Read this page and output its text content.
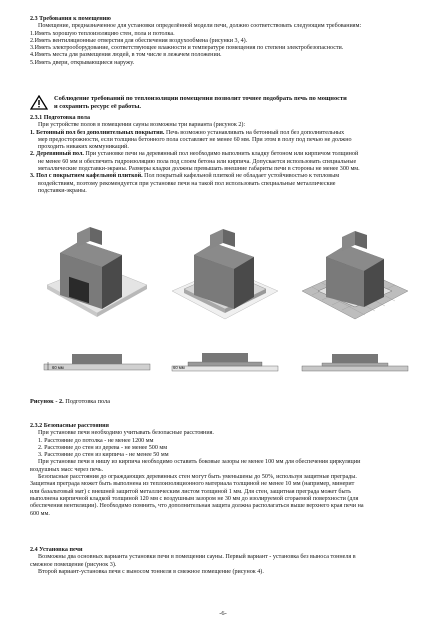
2.3 Требования к помещению
Помещение, предназначенное для установки определённой модели печи, должно соответствовать следующим требованиям:
1.Иметь хорошую теплоизоляцию стен, пола и потолка.
2.Иметь вентиляционные отверстия для обеспечения воздухообмена (рисунки 3, 4).
3.Иметь электрооборудование, соответствующее влажности и температуре помещения по степени электробезопасности.
4.Иметь места для размещения людей, в том числе в лежачем положении.
5.Иметь двери, открывающиеся наружу.
Соблюдение требований по теплоизоляции помещения позволит точнее подобрать печь по мощности
и сохранить ресурс её работы.
2.3.1 Подготовка пола
При устройстве полов в помещении сауны возможны три варианта (рисунок 2):
1. Бетонный пол без дополнительных покрытия. Печь возможно устанавливать на бетонный пол без дополнительных
мер предосторожности, если толщина бетонного пола составляет не менее 60 мм. При этом в полу под печью не должно
проходить никаких коммуникаций.
2. Деревянный пол. При установке печи на деревянный пол необходимо выполнить кладку бетоном или кирпичом толщиной
не менее 60 мм и обеспечить гидроизоляцию пола под слоем бетона или кирпича. Допускается использовать специальные
металлические подставки-экраны. Размеры кладки должны превышать внешние габариты печи в стороны не менее 300 мм.
3. Пол с покрытием кафельной плиткой. Пол покрытый кафельной плиткой не обладает устойчивостью к тепловым
воздействиям, поэтому рекомендуется при установке печи на такой пол использовать специальные металлические
подставки-экраны.
60 мм	60 мм
Рисунок - 2. Подготовка пола
2.3.2 Безопасные расстояния
При установке печи необходимо учитывать безопасные расстояния.
1. Расстояние до потолка - не менее 1200 мм
2. Расстояние до стен из дерева - не менее 500 мм
3. Расстояние до стен из кирпича - не менее 50 мм
При установке печи в нишу из кирпича необходимо оставить боковые зазоры не менее 100 мм для обеспечения циркуляции
воздушных масс через печь.
Безопасные расстояния до ограждающих деревянных стен могут быть уменьшены до 50%, используя защитные преграды.
Защитная преграда может быть выполнена из теплоизоляционного материала толщиной не менее 10 мм (например, минерит
или базальтовый мат) с внешней защитой металлическим листом толщиной 1 мм. Для стен, защитная преграда может быть
выполнена кирпичной кладкой толщиной 120 мм с воздушным зазором не 30 мм до изолируемой сгораемой поверхности (для
обеспечения вентиляции). Необходимо помнить, что дополнительная защита должна располагаться выше верхнего края печи на
600 мм.
2.4 Установка печи
Возможны два основных варианта установки печи в помещении сауны. Первый вариант - установка без выноса тоннеля в
смежное помещение (рисунок 3).
Второй вариант-установка печи с выносом тоннеля в смежное помещение (рисунок 4).
-6-
